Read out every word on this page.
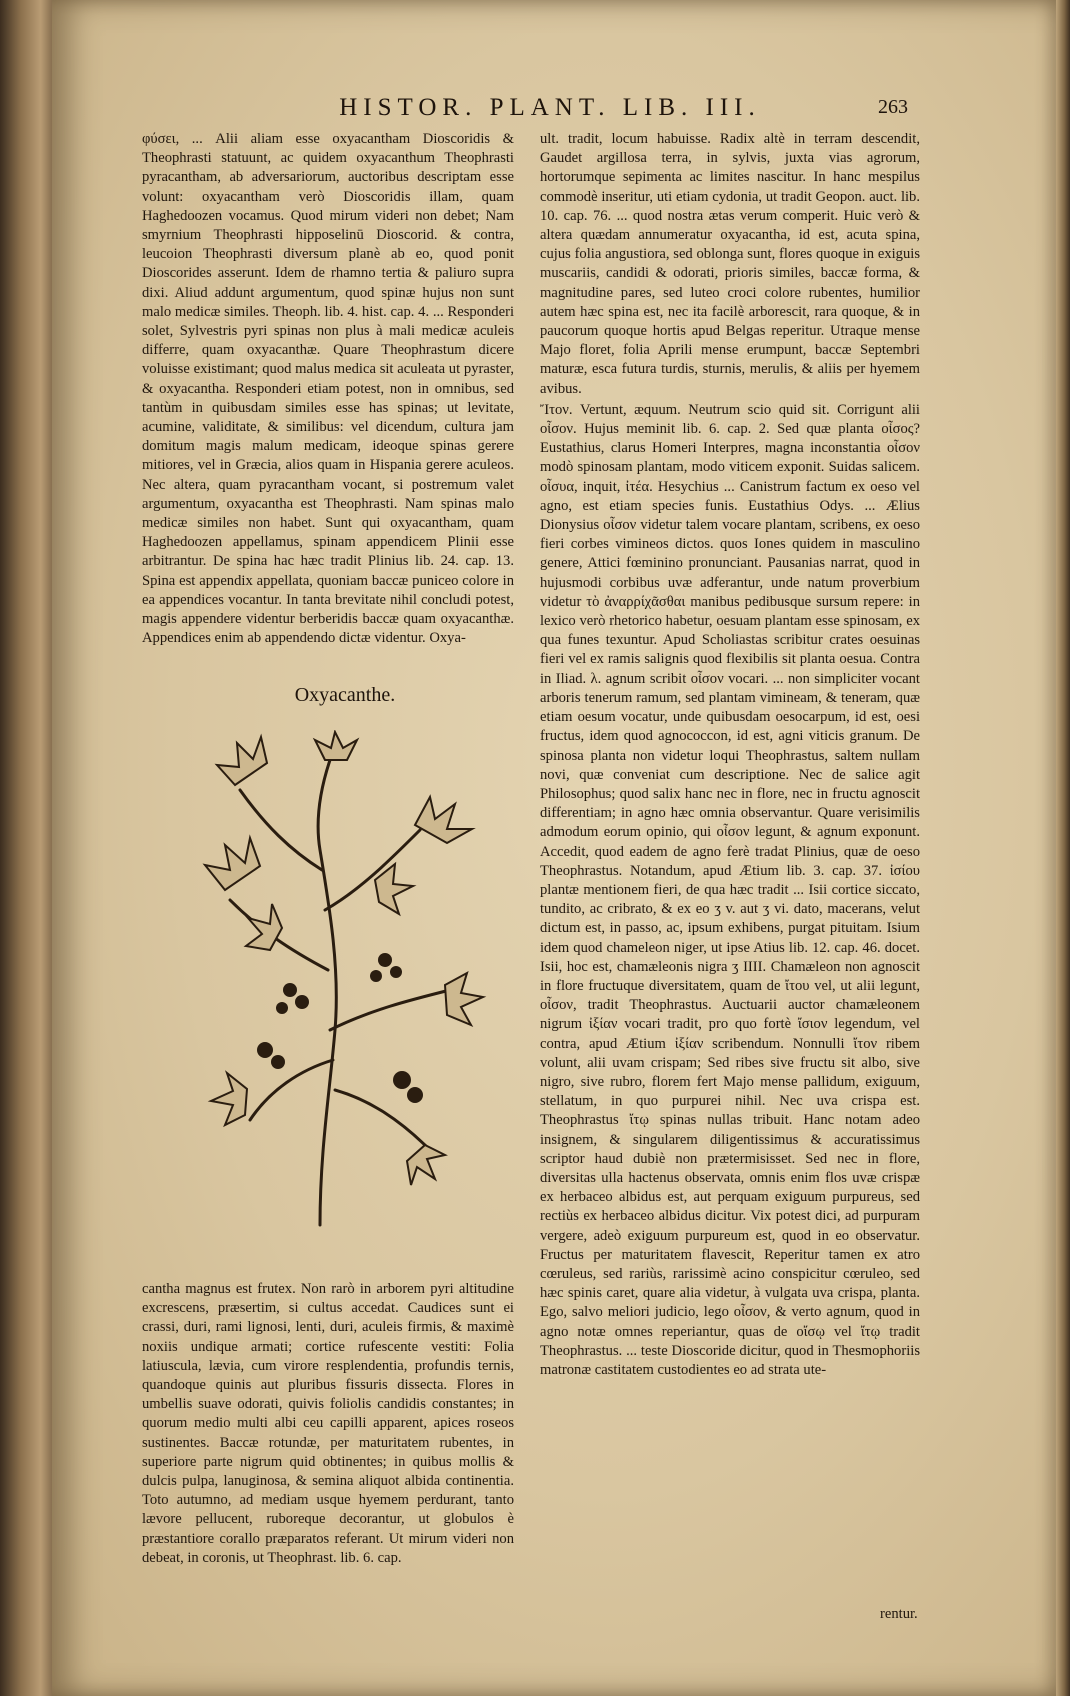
HISTOR. PLANT. LIB. III.	263

φύσει, ... Alii aliam esse oxyacantham Dioscoridis & Theophrasti statuunt, ac quidem oxyacanthum Theophrasti pyracantham, ab adversariorum, auctoribus descriptam esse volunt: oxyacantham verò Dioscoridis illam, quam Haghedoozen vocamus. Quod mirum videri non debet; Nam smyrnium Theophrasti hipposelinū Dioscorid. & contra, leucoion Theophrasti diversum planè ab eo, quod ponit Dioscorides asserunt. Idem de rhamno tertia & paliuro supra dixi. Aliud addunt argumentum, quod spinæ hujus non sunt malo medicæ similes. Theoph. lib. 4. hist. cap. 4. ... Responderi solet, Sylvestris pyri spinas non plus à mali medicæ aculeis differre, quam oxyacanthæ. Quare Theophrastum dicere voluisse existimant; quod malus medica sit aculeata ut pyraster, & oxyacantha. Responderi etiam potest, non in omnibus, sed tantùm in quibusdam similes esse has spinas; ut levitate, acumine, validitate, & similibus: vel dicendum, cultura jam domitum magis malum medicam, ideoque spinas gerere mitiores, vel in Græcia, alios quam in Hispania gerere aculeos. Nec altera, quam pyracantham vocant, si postremum valet argumentum, oxyacantha est Theophrasti. Nam spinas malo medicæ similes non habet. Sunt qui oxyacantham, quam Haghedoozen appellamus, spinam appendicem Plinii esse arbitrantur. De spina hac hæc tradit Plinius lib. 24. cap. 13. Spina est appendix appellata, quoniam baccæ puniceo colore in ea appendices vocantur. In tanta brevitate nihil concludi potest, magis appendere videntur berberidis baccæ quam oxyacanthæ. Appendices enim ab appendendo dictæ videntur. Oxya-

Oxyacanthe.

cantha magnus est frutex. Non rarò in arborem pyri altitudine excrescens, præsertim, si cultus accedat. Caudices sunt ei crassi, duri, rami lignosi, lenti, duri, aculeis firmis, & maximè noxiis undique armati; cortice rufescente vestiti: Folia latiuscula, lævia, cum virore resplendentia, profundis ternis, quandoque quinis aut pluribus fissuris dissecta. Flores in umbellis suave odorati, quivis foliolis candidis constantes; in quorum medio multi albi ceu capilli apparent, apices roseos sustinentes. Baccæ rotundæ, per maturitatem rubentes, in superiore parte nigrum quid obtinentes; in quibus mollis & dulcis pulpa, lanuginosa, & semina aliquot albida continentia. Toto autumno, ad mediam usque hyemem perdurant, tanto lævore pellucent, ruboreque decorantur, ut globulos è præstantiore corallo præparatos referant. Ut mirum videri non debeat, in coronis, ut Theophrast. lib. 6. cap.

ult. tradit, locum habuisse. Radix altè in terram descendit, Gaudet argillosa terra, in sylvis, juxta vias agrorum, hortorumque sepimenta ac limites nascitur. In hanc mespilus commodè inseritur, uti etiam cydonia, ut tradit Geopon. auct. lib. 10. cap. 76. ... quod nostra ætas verum comperit. Huic verò & altera quædam annumeratur oxyacantha, id est, acuta spina, cujus folia angustiora, sed oblonga sunt, flores quoque in exiguis muscariis, candidi & odorati, prioris similes, baccæ forma, & magnitudine pares, sed luteo croci colore rubentes, humilior autem hæc spina est, nec ita facilè arborescit, rara quoque, & in paucorum quoque hortis apud Belgas reperitur. Utraque mense Majo floret, folia Aprili mense erumpunt, baccæ Septembri maturæ, esca futura turdis, sturnis, merulis, & aliis per hyemem avibus.

Ἴτον. Vertunt, æquum. Neutrum scio quid sit. Corrigunt alii οἶσον. Hujus meminit lib. 6. cap. 2. Sed quæ planta οἶσος? Eustathius, clarus Homeri Interpres, magna inconstantia οἶσον modò spinosam plantam, modo viticem exponit. Suidas salicem. οἶσυα, inquit, ἰτέα. Hesychius ... Canistrum factum ex oeso vel agno, est etiam species funis. Eustathius Odys. ... Ælius Dionysius οἶσον videtur talem vocare plantam, scribens, ex oeso fieri corbes vimineos dictos. quos Iones quidem in masculino genere, Attici fœminino pronunciant. Pausanias narrat, quod in hujusmodi corbibus uvæ adferantur, unde natum proverbium videtur τὸ ἀναρρίχᾶσθαι manibus pedibusque sursum repere: in lexico verò rhetorico habetur, oesuam plantam esse spinosam, ex qua funes texuntur. Apud Scholiastas scribitur crates oesuinas fieri vel ex ramis salignis quod flexibilis sit planta oesua. Contra in Iliad. λ. agnum scribit οἶσον vocari. ... non simpliciter vocant arboris tenerum ramum, sed plantam vimineam, & teneram, quæ etiam oesum vocatur, unde quibusdam oesocarpum, id est, oesi fructus, idem quod agnococcon, id est, agni viticis granum. De spinosa planta non videtur loqui Theophrastus, saltem nullam novi, quæ conveniat cum descriptione. Nec de salice agit Philosophus; quod salix hanc nec in flore, nec in fructu agnoscit differentiam; in agno hæc omnia observantur. Quare verisimilis admodum eorum opinio, qui οἶσον legunt, & agnum exponunt. Accedit, quod eadem de agno ferè tradat Plinius, quæ de oeso Theophrastus. Notandum, apud Ætium lib. 3. cap. 37. ἰσίου plantæ mentionem fieri, de qua hæc tradit ... Isii cortice siccato, tundito, ac cribrato, & ex eo ʒ v. aut ʒ vi. dato, macerans, velut dictum est, in passo, ac, ipsum exhibens, purgat pituitam. Isium idem quod chameleon niger, ut ipse Atius lib. 12. cap. 46. docet. Isii, hoc est, chamæleonis nigra ʒ IIII. Chamæleon non agnoscit in flore fructuque diversitatem, quam de ἴτου vel, ut alii legunt, οἶσον, tradit Theophrastus. Auctuarii auctor chamæleonem nigrum ἰξίαν vocari tradit, pro quo fortè ἴσιον legendum, vel contra, apud Ætium ἰξίαν scribendum. Nonnulli ἴτον ribem volunt, alii uvam crispam; Sed ribes sive fructu sit albo, sive nigro, sive rubro, florem fert Majo mense pallidum, exiguum, stellatum, in quo purpurei nihil. Nec uva crispa est. Theophrastus ἴτῳ spinas nullas tribuit. Hanc notam adeo insignem, & singularem diligentissimus & accuratissimus scriptor haud dubiè non prætermisisset. Sed nec in flore, diversitas ulla hactenus observata, omnis enim flos uvæ crispæ ex herbaceo albidus est, aut perquam exiguum purpureus, sed rectiùs ex herbaceo albidus dicitur. Vix potest dici, ad purpuram vergere, adeò exiguum purpureum est, quod in eo observatur. Fructus per maturitatem flavescit, Reperitur tamen ex atro cœruleus, sed rariùs, rarissimè acino conspicitur cœruleo, sed hæc spinis caret, quare alia videtur, à vulgata uva crispa, planta. Ego, salvo meliori judicio, lego οἶσον, & verto agnum, quod in agno notæ omnes reperiantur, quas de οἴσῳ vel ἴτῳ tradit Theophrastus. ... teste Dioscoride dicitur, quod in Thesmophoriis matronæ castitatem custodientes eo ad strata ute-

rentur.
